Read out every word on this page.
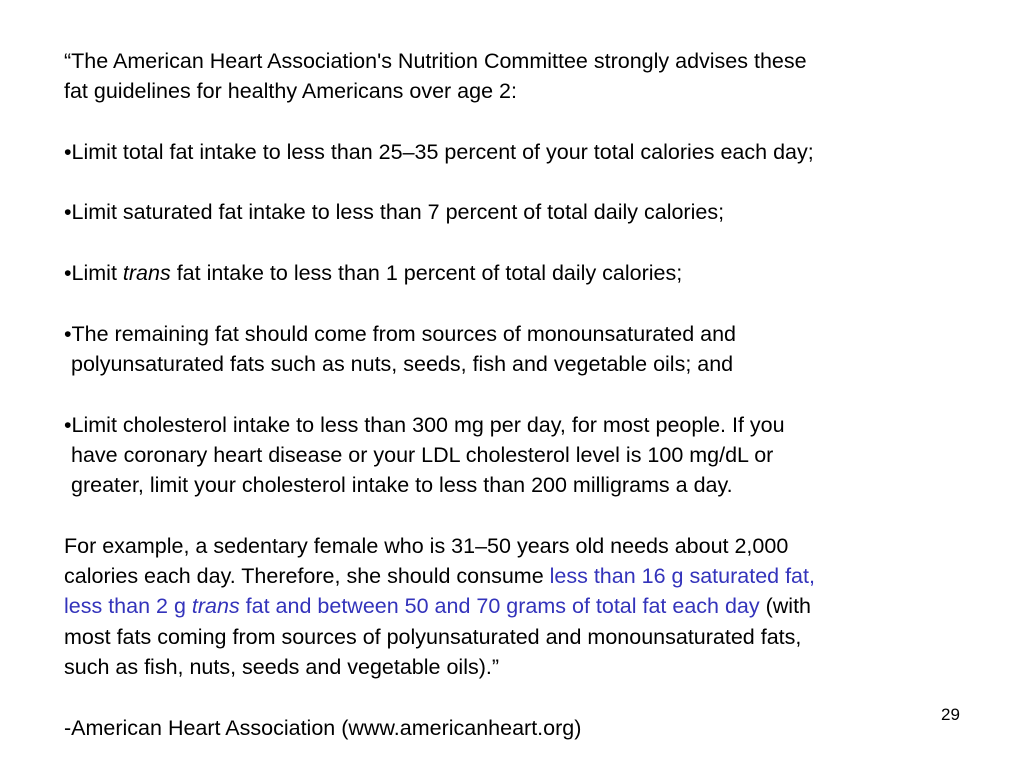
“The American Heart Association's Nutrition Committee strongly advises these
fat guidelines for healthy Americans over age 2:
•Limit total fat intake to less than 25–35 percent of your total calories each day;
•Limit saturated fat intake to less than 7 percent of total daily calories;
•Limit trans fat intake to less than 1 percent of total daily calories;
•The remaining fat should come from sources of monounsaturated and
polyunsaturated fats such as nuts, seeds, fish and vegetable oils; and
•Limit cholesterol intake to less than 300 mg per day, for most people. If you
have coronary heart disease or your LDL cholesterol level is 100 mg/dL or
greater, limit your cholesterol intake to less than 200 milligrams a day.
For example, a sedentary female who is 31–50 years old needs about 2,000
calories each day. Therefore, she should consume less than 16 g saturated fat,
less than 2 g trans fat and between 50 and 70 grams of total fat each day (with
most fats coming from sources of polyunsaturated and monounsaturated fats,
such as fish, nuts, seeds and vegetable oils).”
-American Heart Association (www.americanheart.org)
29
